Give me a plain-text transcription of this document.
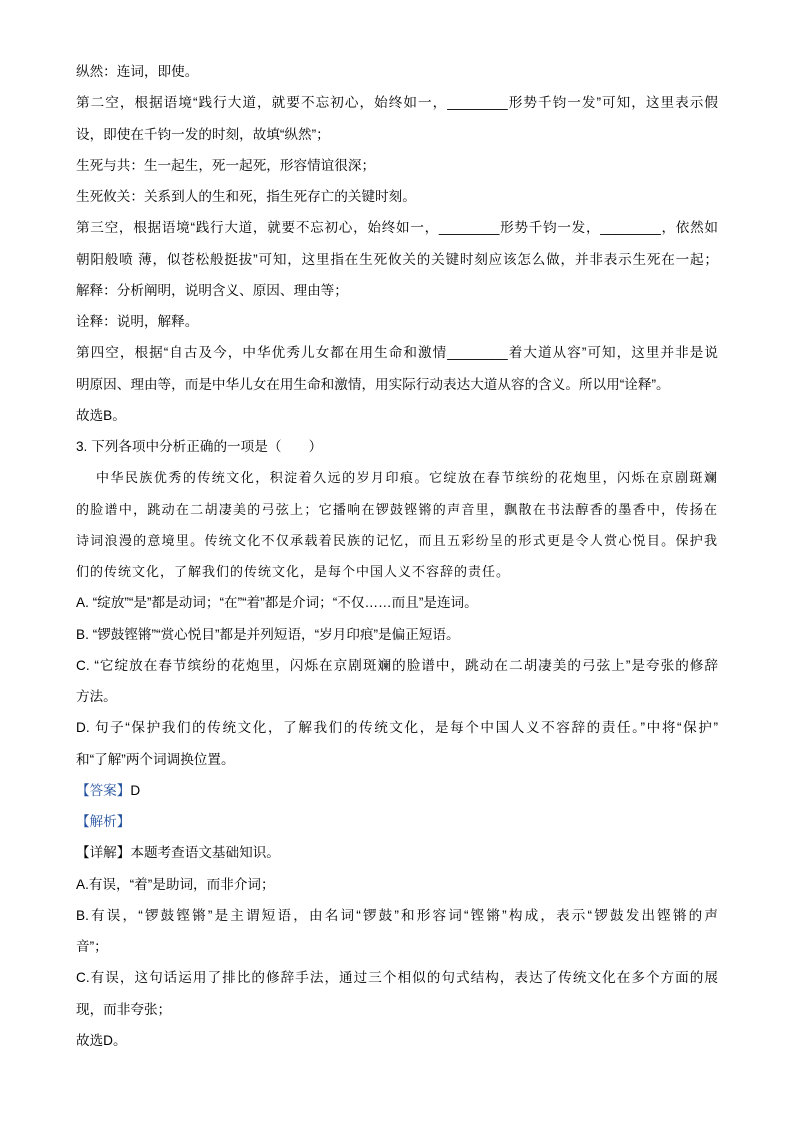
纵然：连词，即使。
第二空，根据语境“践行大道，就要不忘初心，始终如一，________形势千钧一发”可知，这里表示假
设，即使在千钧一发的时刻，故填“纵然”；
生死与共：生一起生，死一起死，形容情谊很深；
生死攸关：关系到人的生和死，指生死存亡的关键时刻。
第三空，根据语境“践行大道，就要不忘初心，始终如一，________形势千钧一发，________，依然如
朝阳般喷 薄，似苍松般挺拔”可知，这里指在生死攸关的关键时刻应该怎么做，并非表示生死在一起；
解释：分析阐明，说明含义、原因、理由等；
诠释：说明，解释。
第四空，根据“自古及今，中华优秀儿女都在用生命和激情________着大道从容”可知，这里并非是说
明原因、理由等，而是中华儿女在用生命和激情，用实际行动表达大道从容的含义。所以用“诠释”。
故选B。
3. 下列各项中分析正确的一项是（　　）
中华民族优秀的传统文化，积淀着久远的岁月印痕。它绽放在春节缤纷的花炮里，闪烁在京剧斑斓
的脸谱中，跳动在二胡凄美的弓弦上；它播响在锣鼓铿锵的声音里，飘散在书法醇香的墨香中，传扬在
诗词浪漫的意境里。传统文化不仅承载着民族的记忆，而且五彩纷呈的形式更是令人赏心悦目。保护我
们的传统文化，了解我们的传统文化，是每个中国人义不容辞的责任。
A. “绽放”“是”都是动词；“在”“着”都是介词；“不仅……而且”是连词。
B. “锣鼓铿锵”“赏心悦目”都是并列短语，“岁月印痕”是偏正短语。
C. “它绽放在春节缤纷的花炮里，闪烁在京剧斑斓的脸谱中，跳动在二胡凄美的弓弦上”是夸张的修辞
方法。
D. 句子“保护我们的传统文化，了解我们的传统文化，是每个中国人义不容辞的责任。”中将“保护”
和“了解”两个词调换位置。
【答案】D
【解析】
【详解】本题考查语文基础知识。
A.有误，“着”是助词，而非介词；
B.有误，“锣鼓铿锵”是主谓短语，由名词“锣鼓”和形容词“铿锵”构成，表示“锣鼓发出铿锵的声
音”；
C.有误，这句话运用了排比的修辞手法，通过三个相似的句式结构，表达了传统文化在多个方面的展
现，而非夸张；
故选D。
